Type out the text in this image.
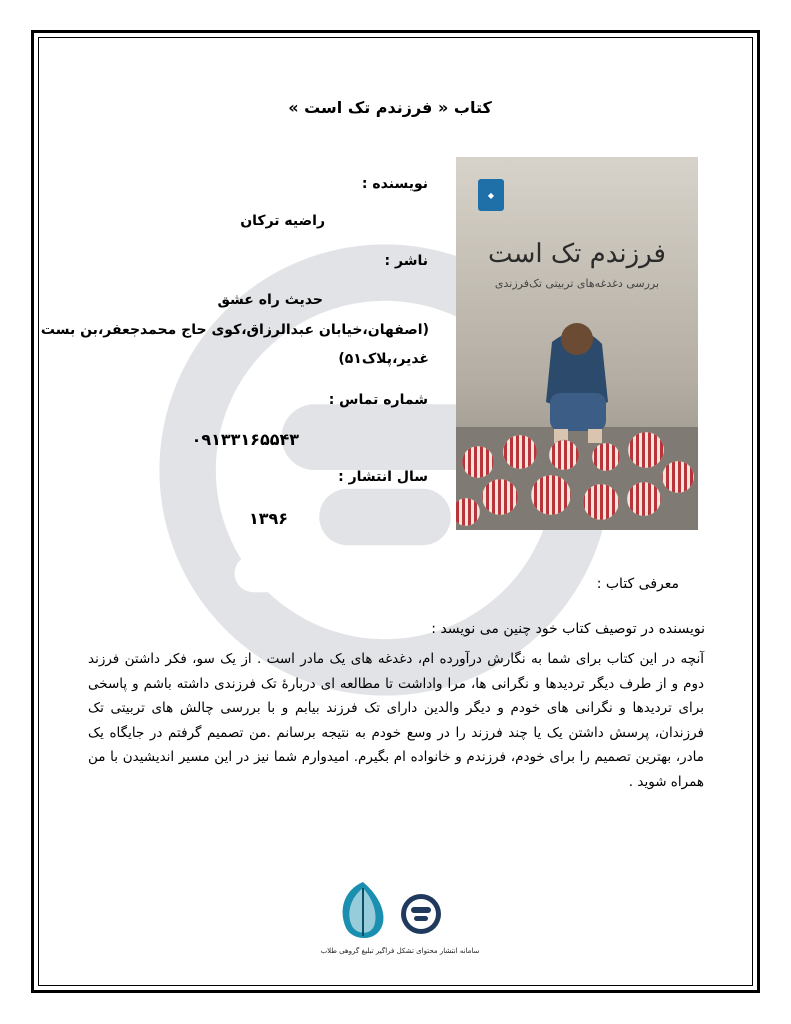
کتاب « فرزندم تک است »
نویسنده :
راضیه ترکان
ناشر :
حدیث راه عشق
(اصفهان،خیابان عبدالرزاق،کوی حاج محمدجعفر،بن بست
غدیر،پلاک۵۱)
شماره تماس :
۰۹۱۳۳۱۶۵۵۴۳
سال انتشار :
۱۳۹۶
◆
فرزندم تک است
بررسی دغدغه‌های تربیتی تک‌فرزندی
معرفی کتاب :
نویسنده در توصیف کتاب خود چنین می نویسد :
آنچه در این کتاب برای شما به نگارش درآورده ام، دغدغه های یک مادر است . از یک سو، فکر داشتن فرزند دوم و از طرف دیگر تردیدها و نگرانی ها، مرا واداشت تا مطالعه ای دربارۀ تک فرزندی داشته باشم و پاسخی برای تردیدها و نگرانی های خودم و دیگر والدین دارای تک فرزند بیابم و با بررسی چالش های تربیتی تک فرزندان، پرسش داشتن یک یا چند فرزند را در وسع خودم به نتیجه برسانم .من تصمیم گرفتم در جایگاه یک مادر، بهترین تصمیم را برای خودم، فرزندم و خانواده ام بگیرم. امیدوارم شما نیز در این مسیر اندیشیدن با من همراه شوید .
سامانه انتشار محتوای تشکل فراگیر تبلیغ گروهی طلاب
